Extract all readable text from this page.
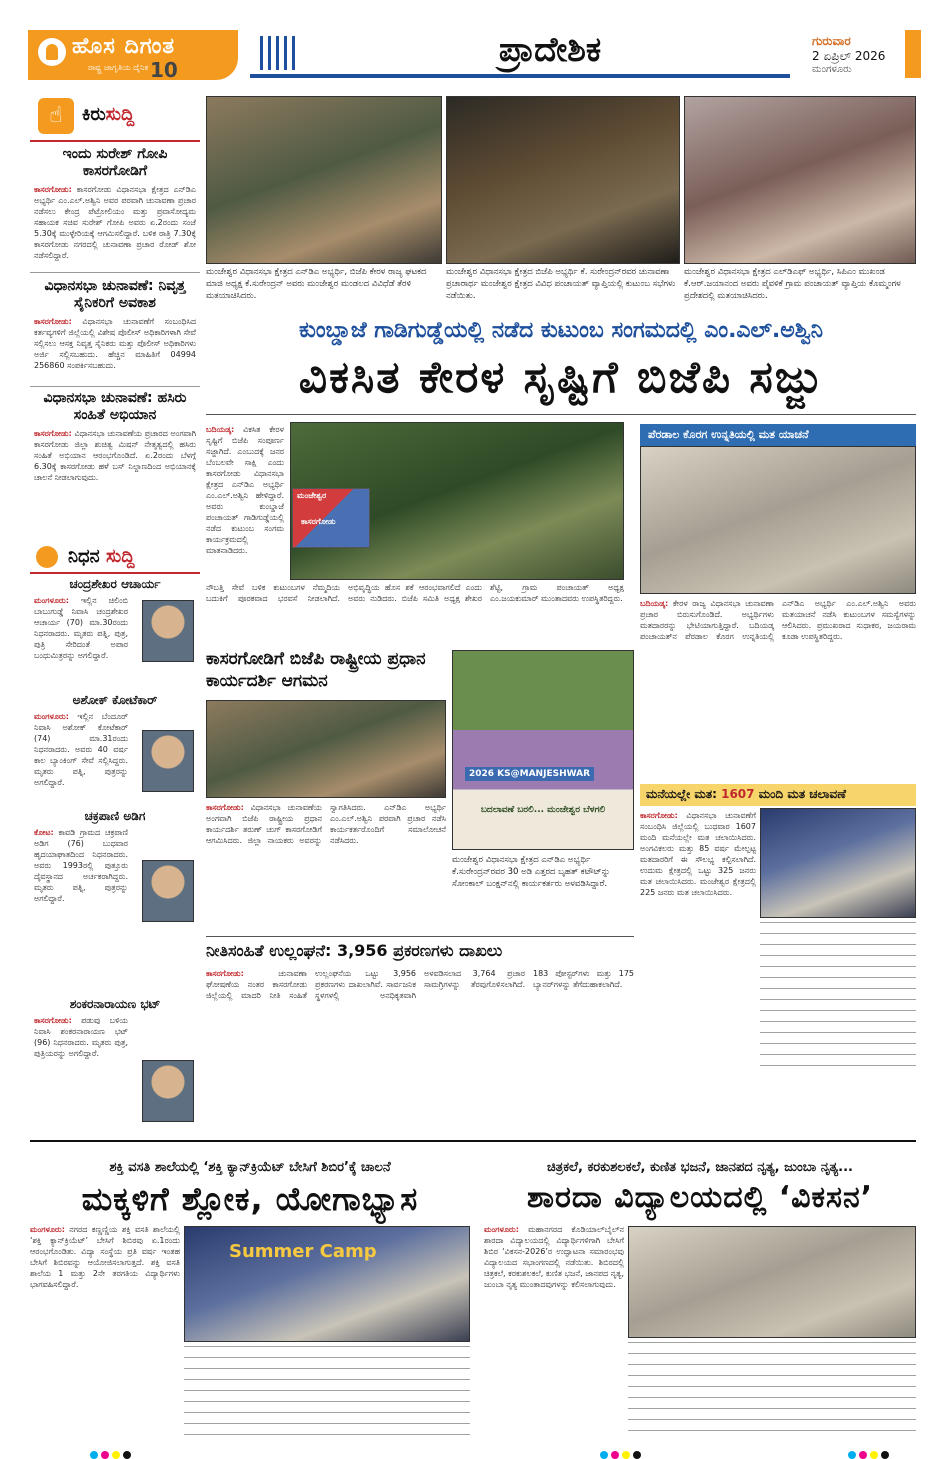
ಹೊಸ ದಿಗಂತ
ರಾಷ್ಟ್ರ ಜಾಗೃತಿಯ ದೈನಿಕ 10	ಪ್ರಾದೇಶಿಕ	ಗುರುವಾರ
2 ಏಪ್ರಿಲ್ 2026
ಮಂಗಳೂರು
☝	ಕಿರುಸುದ್ದಿ
ಇಂದು ಸುರೇಶ್ ಗೋಪಿ ಕಾಸರಗೋಡಿಗೆ
ಕಾಸರಗೋಡು: ಕಾಸರಗೋಡು ವಿಧಾನಸಭಾ ಕ್ಷೇತ್ರದ ಎನ್‌ಡಿಎ ಅಭ್ಯರ್ಥಿ ಎಂ.ಎಲ್.ಅಶ್ವಿನಿ ಅವರ ಪರವಾಗಿ ಚುನಾವಣಾ ಪ್ರಚಾರ ನಡೆಸಲು ಕೇಂದ್ರ ಪೆಟ್ರೋಲಿಯಂ ಮತ್ತು ಪ್ರವಾಸೋದ್ಯಮ ಸಹಾಯಕ ಸಚಿವ ಸುರೇಶ್ ಗೋಪಿ ಅವರು ಏ.2ರಂದು ಸಂಜೆ 5.30ಕ್ಕೆ ಮುಳ್ಳೇರಿಯಕ್ಕೆ ಆಗಮಿಸಲಿದ್ದಾರೆ. ಬಳಿಕ ರಾತ್ರಿ 7.30ಕ್ಕೆ ಕಾಸರಗೋಡು ನಗರದಲ್ಲಿ ಚುನಾವಣಾ ಪ್ರಚಾರ ರೋಡ್ ಶೋ ನಡೆಸಲಿದ್ದಾರೆ.
ವಿಧಾನಸಭಾ ಚುನಾವಣೆ: ನಿವೃತ್ತ ಸೈನಿಕರಿಗೆ ಅವಕಾಶ
ಕಾಸರಗೋಡು: ವಿಧಾನಸಭಾ ಚುನಾವಣೆಗೆ ಸಂಬಂಧಿಸಿದ ಕರ್ತವ್ಯಗಳಿಗೆ ಜಿಲ್ಲೆಯಲ್ಲಿ ವಿಶೇಷ ಪೊಲೀಸ್ ಅಧಿಕಾರಿಗಳಾಗಿ ಸೇವೆ ಸಲ್ಲಿಸಲು ಆಸಕ್ತ ನಿವೃತ್ತ ಸೈನಿಕರು ಮತ್ತು ಪೊಲೀಸ್ ಅಧಿಕಾರಿಗಳು ಅರ್ಜಿ ಸಲ್ಲಿಸಬಹುದು. ಹೆಚ್ಚಿನ ಮಾಹಿತಿಗೆ 04994 256860 ಸಂಪರ್ಕಿಸಬಹುದು.
ವಿಧಾನಸಭಾ ಚುನಾವಣೆ: ಹಸಿರು ಸಂಹಿತೆ ಅಭಿಯಾನ
ಕಾಸರಗೋಡು: ವಿಧಾನಸಭಾ ಚುನಾವಣೆಯ ಪ್ರಚಾರದ ಅಂಗವಾಗಿ ಕಾಸರಗೋಡು ಜಿಲ್ಲಾ ಶುಚಿತ್ವ ಮಿಷನ್ ನೇತೃತ್ವದಲ್ಲಿ ಹಸಿರು ಸಂಹಿತೆ ಅಭಿಯಾನ ಆರಂಭಗೊಂಡಿದೆ. ಏ.2ರಂದು ಬೆಳಗ್ಗೆ 6.30ಕ್ಕೆ ಕಾಸರಗೋಡು ಹಳೆ ಬಸ್ ನಿಲ್ದಾಣದಿಂದ ಅಭಿಯಾನಕ್ಕೆ ಚಾಲನೆ ನೀಡಲಾಗುವುದು.
ನಿಧನ ಸುದ್ದಿ
ಚಂದ್ರಶೇಖರ ಆಚಾರ್ಯ
ಮಂಗಳೂರು: ಇಲ್ಲಿನ ಚಿಲಿಂಬಿ ಬಾಬುಗುಡ್ಡೆ ನಿವಾಸಿ ಚಂದ್ರಶೇಖರ ಆಚಾರ್ಯ (70) ಮಾ.30ರಂದು ನಿಧನರಾದರು. ಮೃತರು ಪತ್ನಿ, ಪುತ್ರ, ಪುತ್ರಿ ಸೇರಿದಂತೆ ಅಪಾರ ಬಂಧುಮಿತ್ರರನ್ನು ಅಗಲಿದ್ದಾರೆ.
ಅಶೋಕ್ ಕೋಟೆಕಾರ್
ಮಂಗಳೂರು: ಇಲ್ಲಿನ ಬೆಂದೂರ್ ನಿವಾಸಿ ಅಶೋಕ್ ಕೋಟೆಕಾರ್ (74) ಮಾ.31ರಂದು ನಿಧನರಾದರು. ಅವರು 40 ವರ್ಷ ಕಾಲ ಬ್ಯಾಂಕಿಂಗ್ ಸೇವೆ ಸಲ್ಲಿಸಿದ್ದರು. ಮೃತರು ಪತ್ನಿ, ಪುತ್ರರನ್ನು ಅಗಲಿದ್ದಾರೆ.
ಚಕ್ರಪಾಣಿ ಅಡಿಗ
ಕೋಟ: ಕಾವಡಿ ಗ್ರಾಮದ ಚಕ್ರಪಾಣಿ ಅಡಿಗ (76) ಬುಧವಾರ ಹೃದಯಾಘಾತದಿಂದ ನಿಧನರಾದರು. ಅವರು 1993ರಲ್ಲಿ ಪುತ್ತೂರು ದೈವಸ್ಥಾನದ ಅರ್ಚಕರಾಗಿದ್ದರು. ಮೃತರು ಪತ್ನಿ, ಪುತ್ರರನ್ನು ಅಗಲಿದ್ದಾರೆ.
ಶಂಕರನಾರಾಯಣ ಭಟ್
ಕಾಸರಗೋಡು: ಪಡುವು ಬಳಿಯ ನಿವಾಸಿ ಶಂಕರನಾರಾಯಣ ಭಟ್ (96) ನಿಧನರಾದರು. ಮೃತರು ಪುತ್ರ, ಪುತ್ರಿಯರನ್ನು ಅಗಲಿದ್ದಾರೆ.
ಮಂಜೇಶ್ವರ ವಿಧಾನಸಭಾ ಕ್ಷೇತ್ರದ ಎನ್‌ಡಿಎ ಅಭ್ಯರ್ಥಿ, ಬಿಜೆಪಿ ಕೇರಳ ರಾಜ್ಯ ಘಟಕದ ಮಾಜಿ ಅಧ್ಯಕ್ಷ ಕೆ.ಸುರೇಂದ್ರನ್ ಅವರು ಮಂಜೇಶ್ವರ ಮಂಡಲದ ವಿವಿಧೆಡೆ ತೆರಳಿ ಮತಯಾಚಿಸಿದರು.
ಮಂಜೇಶ್ವರ ವಿಧಾನಸಭಾ ಕ್ಷೇತ್ರದ ಬಿಜೆಪಿ ಅಭ್ಯರ್ಥಿ ಕೆ. ಸುರೇಂದ್ರನ್‌ರವರ ಚುನಾವಣಾ ಪ್ರಚಾರಾರ್ಥ ಮಂಜೇಶ್ವರ ಕ್ಷೇತ್ರದ ವಿವಿಧ ಪಂಚಾಯತ್ ವ್ಯಾಪ್ತಿಯಲ್ಲಿ ಕುಟುಂಬ ಸಭೆಗಳು ನಡೆಯಿತು.
ಮಂಜೇಶ್ವರ ವಿಧಾನಸಭಾ ಕ್ಷೇತ್ರದ ಎಲ್‌ಡಿಎಫ್ ಅಭ್ಯರ್ಥಿ, ಸಿಪಿಎಂ ಮುಖಂಡ ಕೆ.ಆರ್.ಜಯಾನಂದ ಅವರು ಪೈವಳಿಕೆ ಗ್ರಾಮ ಪಂಚಾಯತ್ ವ್ಯಾಪ್ತಿಯ ಕೊಮ್ಮಂಗಳ ಪ್ರದೇಶದಲ್ಲಿ ಮತಯಾಚಿಸಿದರು.
ಕುಂಬ್ಡಾಜೆ ಗಾಡಿಗುಡ್ಡೆಯಲ್ಲಿ ನಡೆದ ಕುಟುಂಬ ಸಂಗಮದಲ್ಲಿ ಎಂ.ಎಲ್.ಅಶ್ವಿನಿ
ವಿಕಸಿತ ಕೇರಳ ಸೃಷ್ಟಿಗೆ ಬಿಜೆಪಿ ಸಜ್ಜು
ಬದಿಯಡ್ಕ: ವಿಕಸಿತ ಕೇರಳ ಸೃಷ್ಟಿಗೆ ಬಿಜೆಪಿ ಸಂಪೂರ್ಣ ಸಜ್ಜಾಗಿದೆ. ಎಂಬುದಕ್ಕೆ ಜನರ ಬೆಂಬಲವೇ ಸಾಕ್ಷಿ ಎಂದು ಕಾಸರಗೋಡು ವಿಧಾನಸಭಾ ಕ್ಷೇತ್ರದ ಎನ್‌ಡಿಎ ಅಭ್ಯರ್ಥಿ ಎಂ.ಎಲ್.ಅಶ್ವಿನಿ ಹೇಳಿದ್ದಾರೆ. ಅವರು ಕುಂಬ್ಡಾಜೆ ಪಂಚಾಯತ್ ಗಾಡಿಗುಡ್ಡೆಯಲ್ಲಿ ನಡೆದ ಕುಟುಂಬ ಸಂಗಮ ಕಾರ್ಯಕ್ರಮದಲ್ಲಿ ಮಾತನಾಡಿದರು.
ಮಂಜೇಶ್ವರ
ಕಾಸರಗೋಡು
ನೌಬತ್ತಿ ಸೇವೆ ಬಳಿಕ ಕುಟುಂಬಗಳ ನೆಮ್ಮದಿಯ ಬದುಕಿಗೆ ಪೂರಕವಾದ ಭರವಸೆ ನೀಡಲಾಗಿದೆ. ಅಭಿವೃದ್ಧಿಯ ಹೊಸ ಶಕೆ ಆರಂಭವಾಗಲಿದೆ ಎಂದು ಅವರು ನುಡಿದರು. ಬಿಜೆಪಿ ಸಮಿತಿ ಅಧ್ಯಕ್ಷ ಶೇಖರ ಶೆಟ್ಟಿ, ಗ್ರಾಮ ಪಂಚಾಯತ್ ಅಧ್ಯಕ್ಷ ಎಂ.ಜಯಕುಮಾರ್ ಮುಂತಾದವರು ಉಪಸ್ಥಿತರಿದ್ದರು.
ಪೆರಡಾಲ ಕೊರಗ ಉನ್ನತಿಯಲ್ಲಿ ಮತ ಯಾಚನೆ
ಬದಿಯಡ್ಕ: ಕೇರಳ ರಾಜ್ಯ ವಿಧಾನಸಭಾ ಚುನಾವಣಾ ಪ್ರಚಾರ ಬಿರುಸುಗೊಂಡಿದೆ. ಅಭ್ಯರ್ಥಿಗಳು ಮತದಾರರನ್ನು ಭೇಟಿಯಾಗುತ್ತಿದ್ದಾರೆ. ಬದಿಯಡ್ಕ ಪಂಚಾಯತ್‌ನ ಪೆರಡಾಲ ಕೊರಗ ಉನ್ನತಿಯಲ್ಲಿ ಎನ್‌ಡಿಎ ಅಭ್ಯರ್ಥಿ ಎಂ.ಎಲ್.ಅಶ್ವಿನಿ ಅವರು ಮತಯಾಚನೆ ನಡೆಸಿ ಕುಟುಂಬಗಳ ಸಮಸ್ಯೆಗಳನ್ನು ಆಲಿಸಿದರು. ಪ್ರಮುಖರಾದ ಸುಧಾಕರ, ಜಯರಾಮ ಕೂಡಾ ಉಪಸ್ಥಿತರಿದ್ದರು.
ಕಾಸರಗೋಡಿಗೆ ಬಿಜೆಪಿ ರಾಷ್ಟ್ರೀಯ ಪ್ರಧಾನ ಕಾರ್ಯದರ್ಶಿ ಆಗಮನ
ಕಾಸರಗೋಡು: ವಿಧಾನಸಭಾ ಚುನಾವಣೆಯ ಅಂಗವಾಗಿ ಬಿಜೆಪಿ ರಾಷ್ಟ್ರೀಯ ಪ್ರಧಾನ ಕಾರ್ಯದರ್ಶಿ ತರುಣ್ ಚುಗ್ ಕಾಸರಗೋಡಿಗೆ ಆಗಮಿಸಿದರು. ಜಿಲ್ಲಾ ನಾಯಕರು ಅವರನ್ನು ಸ್ವಾಗತಿಸಿದರು. ಎನ್‌ಡಿಎ ಅಭ್ಯರ್ಥಿ ಎಂ.ಎಲ್.ಅಶ್ವಿನಿ ಪರವಾಗಿ ಪ್ರಚಾರ ನಡೆಸಿ ಕಾರ್ಯಕರ್ತರೊಂದಿಗೆ ಸಮಾಲೋಚನೆ ನಡೆಸಿದರು.
2026 KS@MANJESHWAR
ಬದಲಾವಣೆ ಬರಲಿ... ಮಂಜೇಶ್ವರ ಬೆಳಗಲಿ
ಮಂಜೇಶ್ವರ ವಿಧಾನಸಭಾ ಕ್ಷೇತ್ರದ ಎನ್‌ಡಿಎ ಅಭ್ಯರ್ಥಿ ಕೆ.ಸುರೇಂದ್ರನ್‌ರವರ 30 ಅಡಿ ಎತ್ತರದ ಬೃಹತ್ ಕಟೌಟ್‌ನ್ನು ಸೋಂಕಾಲ್ ಬಂಕ್ಷನ್‌ನಲ್ಲಿ ಕಾರ್ಯಕರ್ತರು ಅಳವಡಿಸಿದ್ದಾರೆ.
ನೀತಿಸಂಹಿತೆ ಉಲ್ಲಂಘನೆ: 3,956 ಪ್ರಕರಣಗಳು ದಾಖಲು
ಕಾಸರಗೋಡು:	ಚುನಾವಣಾ ಘೋಷಣೆಯ ನಂತರ ಕಾಸರಗೋಡು ಜಿಲ್ಲೆಯಲ್ಲಿ ಮಾದರಿ ನೀತಿ ಸಂಹಿತೆ ಉಲ್ಲಂಘನೆಯ ಒಟ್ಟು 3,956 ಪ್ರಕರಣಗಳು ದಾಖಲಾಗಿವೆ. ಸಾರ್ವಜನಿಕ ಸ್ಥಳಗಳಲ್ಲಿ ಅನಧಿಕೃತವಾಗಿ ಅಳವಡಿಸಲಾದ 3,764 ಪ್ರಚಾರ ಸಾಮಗ್ರಿಗಳನ್ನು ತೆರವುಗೊಳಿಸಲಾಗಿದೆ. 183 ಪೋಸ್ಟರ್‌ಗಳು ಮತ್ತು 175 ಬ್ಯಾನರ್‌ಗಳನ್ನು ತೆಗೆದುಹಾಕಲಾಗಿದೆ.
ಮನೆಯಲ್ಲೇ ಮತ: 1607 ಮಂದಿ ಮತ ಚಲಾವಣೆ
ಕಾಸರಗೋಡು: ವಿಧಾನಸಭಾ ಚುನಾವಣೆಗೆ ಸಂಬಂಧಿಸಿ ಜಿಲ್ಲೆಯಲ್ಲಿ ಬುಧವಾರ 1607 ಮಂದಿ ಮನೆಯಲ್ಲೇ ಮತ ಚಲಾಯಿಸಿದರು. ಅಂಗವಿಕಲರು ಮತ್ತು 85 ವರ್ಷ ಮೇಲ್ಪಟ್ಟ ಮತದಾರರಿಗೆ ಈ ಸೌಲಭ್ಯ ಕಲ್ಪಿಸಲಾಗಿದೆ. ಉದುಮ ಕ್ಷೇತ್ರದಲ್ಲಿ ಒಟ್ಟು 325 ಜನರು ಮತ ಚಲಾಯಿಸಿದರು. ಮಂಜೇಶ್ವರ ಕ್ಷೇತ್ರದಲ್ಲಿ 225 ಜನರು ಮತ ಚಲಾಯಿಸಿದರು.
ಶಕ್ತಿ ವಸತಿ ಶಾಲೆಯಲ್ಲಿ ‘ಶಕ್ತಿ ಕ್ಯಾನ್‌ಕ್ರಿಯೆಟ್ ಬೇಸಿಗೆ ಶಿಬಿರ’ಕ್ಕೆ ಚಾಲನೆ
ಮಕ್ಕಳಿಗೆ ಶ್ಲೋಕ, ಯೋಗಾಭ್ಯಾಸ
ಮಂಗಳೂರು: ನಗರದ ಕಣ್ಣಣ್ಣಿಯ ಶಕ್ತಿ ವಸತಿ ಶಾಲೆಯಲ್ಲಿ ‘ಶಕ್ತಿ ಕ್ಯಾನ್‌ಕ್ರಿಯೆಟ್’ ಬೇಸಿಗೆ ಶಿಬಿರವು ಏ.1ರಂದು ಆರಂಭಗೊಂಡಿತು. ವಿದ್ಯಾ ಸಂಸ್ಥೆಯ ಪ್ರತಿ ವರ್ಷ ಇಂತಹ ಬೇಸಿಗೆ ಶಿಬಿರವನ್ನು ಆಯೋಜಿಸಲಾಗುತ್ತದೆ. ಶಕ್ತಿ ವಸತಿ ಶಾಲೆಯ 1 ಮತ್ತು 2ನೇ ತರಗತಿಯ ವಿದ್ಯಾರ್ಥಿಗಳು ಭಾಗವಹಿಸಲಿದ್ದಾರೆ.
Summer Camp
ಚಿತ್ರಕಲೆ, ಕರಕುಶಲಕಲೆ, ಕುಣಿತ ಭಜನೆ, ಜಾನಪದ ನೃತ್ಯ, ಜುಂಬಾ ನೃತ್ಯ...
ಶಾರದಾ ವಿದ್ಯಾಲಯದಲ್ಲಿ ‘ವಿಕಸನ’
ಮಂಗಳೂರು: ಮಹಾನಗರದ ಕೊಡಿಯಾಲ್‌ಬೈಲ್‌ನ ಶಾರದಾ ವಿದ್ಯಾಲಯದಲ್ಲಿ ವಿದ್ಯಾರ್ಥಿಗಳಿಗಾಗಿ ಬೇಸಿಗೆ ಶಿಬಿರ ‘ವಿಕಸನ-2026’ರ ಉದ್ಘಾಟನಾ ಸಮಾರಂಭವು ವಿದ್ಯಾಲಯದ ಸಭಾಂಗಣದಲ್ಲಿ ನಡೆಯಿತು. ಶಿಬಿರದಲ್ಲಿ ಚಿತ್ರಕಲೆ, ಕರಕುಶಲಕಲೆ, ಕುಣಿತ ಭಜನೆ, ಜಾನಪದ ನೃತ್ಯ, ಜುಂಬಾ ನೃತ್ಯ ಮುಂತಾದವುಗಳನ್ನು ಕಲಿಸಲಾಗುವುದು.
